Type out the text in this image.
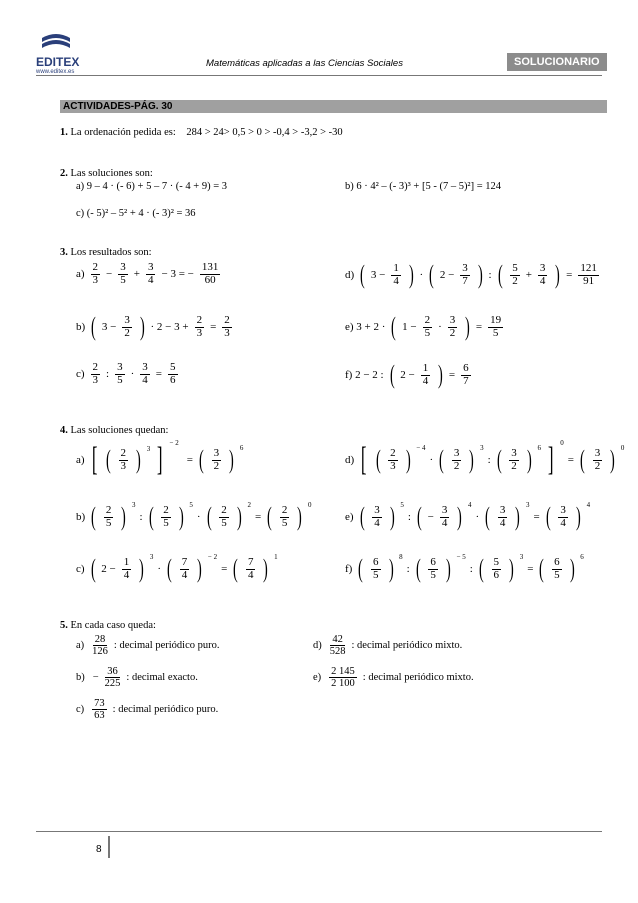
EDITEX
www.editex.es
Matemáticas aplicadas a las Ciencias Sociales	SOLUCIONARIO
ACTIVIDADES-PÁG. 30
1. La ordenación pedida es: 284 > 24> 0,5 > 0 > -0,4 > -3,2 > -30
2. Las soluciones son:
a) 9 – 4 · (- 6) + 5 – 7 · (- 4 + 9) = 3	b) 6 · 4² – (- 3)³ + [5 - (7 – 5)²] = 124
c) (- 5)² – 5² + 4 · (- 3)² = 36
3. Los resultados son:
$a) \frac{2}{3} - \frac{3}{5} + \frac{3}{4} - 3$ = − $\frac{131}{60}$	d) ( $3 - \frac{1}{4}$ ) · ( $2 - \frac{3}{7}$ ) : ( $\frac{5}{2} + \frac{3}{4}$ ) = $\frac{121}{91}$
b) ( $3 - \frac{3}{2}$ ) · $2 - 3 + \frac{2}{3} = \frac{2}{3}$	e) 3 + 2 · ( $1 - \frac{2}{5} \cdot \frac{3}{2}$ ) = $\frac{19}{5}$
$c) \frac{2}{3}$ : $\frac{3}{5} \cdot \frac{3}{4} = \frac{5}{6}$	f) 2 − 2 : ( $2 - \frac{1}{4}$ ) = $\frac{6}{7}$
4. Las soluciones quedan:
a) [ ( $\frac{2}{3}$ ) $^3$ ] $^{- 2}$
= ( $\frac{3}{2}$ ) $^6$
d) [ ( $\frac{2}{3}$ ) $^{- 4}$
· ( $\frac{3}{2}$ ) $^3$
: ( $\frac{3}{2}$ ) $^6$ ] $^0$
= ( $\frac{3}{2}$ ) $^0$
b) ( $\frac{2}{5}$ ) $^3$
: ( $\frac{2}{5}$ ) $^5$
· ( $\frac{2}{5}$ ) $^2$
= ( $\frac{2}{5}$ ) $^0$
e) ( $\frac{3}{4}$ ) $^5$
: ( − $\frac{3}{4}$ ) $^4$
· ( $\frac{3}{4}$ ) $^3$
= ( $\frac{3}{4}$ ) $^4$
c) ( $2 - \frac{1}{4}$ ) $^3$
· ( $\frac{7}{4}$ ) $^{- 2}$
= ( $\frac{7}{4}$ ) $^1$
f) ( $\frac{6}{5}$ ) $^8$
: ( $\frac{6}{5}$ ) $^{- 5}$
: ( $\frac{5}{6}$ ) $^3$
= ( $\frac{6}{5}$ ) $^6$
5. En cada caso queda:
$a) \frac{28}{126}$ : decimal periódico puro.	$d) \frac{42}{528}$ : decimal periódico mixto.
$b) - \frac{36}{225}$ : decimal exacto.	$e) \frac{2 145}{2 100}$ : decimal periódico mixto.
$c) \frac{73}{63}$ : decimal periódico puro.
8
